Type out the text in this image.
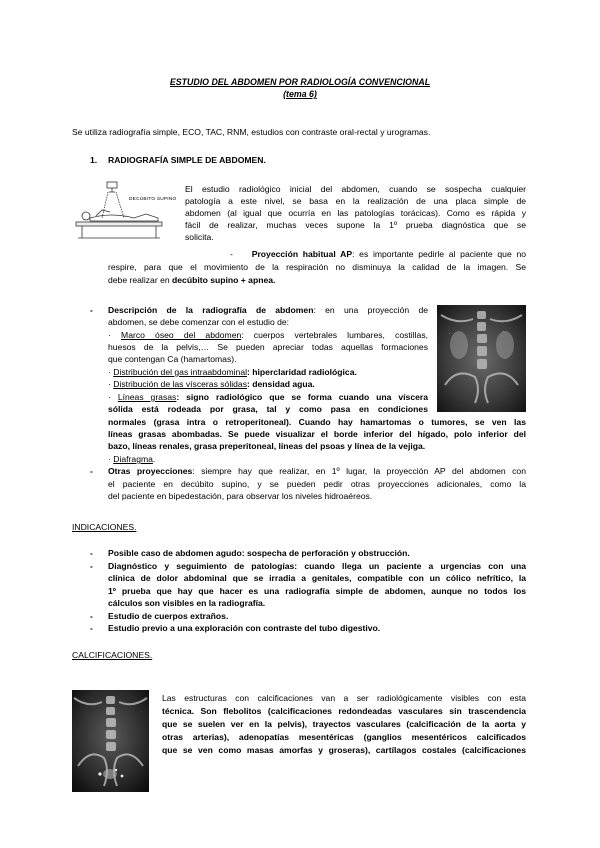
ESTUDIO DEL ABDOMEN POR RADIOLOGÍA CONVENCIONAL
(tema 6)
Se utiliza radiografía simple, ECO, TAC, RNM, estudios con contraste oral-rectal y urogramas.
1. RADIOGRAFÍA SIMPLE DE ABDOMEN.
DECÚBITO SUPINO
El estudio radiológico inicial del abdomen, cuando se sospecha cualquier
patología a este nivel, se basa en la realización de una placa simple de
abdomen (al igual que ocurría en las patologías torácicas). Como es rápida y
fácil de realizar, muchas veces supone la 1º prueba diagnóstica que se
solicita.
- Proyección habitual AP: es importante pedirle al paciente que no
respire, para que el movimiento de la respiración no disminuya la calidad de la imagen. Se
debe realizar en decúbito supino + apnea.
·	·
- Descripción de la radiografía de abdomen: en una proyección de
abdomen, se debe comenzar con el estudio de:
· Marco óseo del abdomen: cuerpos vertebrales lumbares, costillas,
huesos de la pelvis,… Se pueden apreciar todas aquellas formaciones
que contengan Ca (hamartomas).
· Distribución del gas intraabdominal: hiperclaridad radiológica.
· Distribución de las vísceras sólidas: densidad agua.
· Líneas grasas: signo radiológico que se forma cuando una víscera
sólida está rodeada por grasa, tal y como pasa en condiciones
normales (grasa intra o retroperitoneal). Cuando hay hamartomas o tumores, se ven las
líneas grasas abombadas. Se puede visualizar el borde inferior del hígado, polo inferior del
bazo, líneas renales, grasa preperitoneal, líneas del psoas y línea de la vejiga.
· Diafragma.
- Otras proyecciones: siempre hay que realizar, en 1º lugar, la proyección AP del abdomen con
el paciente en decúbito supino, y se pueden pedir otras proyecciones adicionales, como la
del paciente en bipedestación, para observar los niveles hidroaéreos.
INDICACIONES.
- Posible caso de abdomen agudo: sospecha de perforación y obstrucción.
- Diagnóstico y seguimiento de patologías: cuando llega un paciente a urgencias con una
clínica de dolor abdominal que se irradia a genitales, compatible con un cólico nefrítico, la
1º prueba que hay que hacer es una radiografía simple de abdomen, aunque no todos los
cálculos son visibles en la radiografía.
- Estudio de cuerpos extraños.
- Estudio previo a una exploración con contraste del tubo digestivo.
CALCIFICACIONES.
Las estructuras con calcificaciones van a ser radiológicamente visibles con esta
técnica. Son flebolitos (calcificaciones redondeadas vasculares sin trascendencia
que se suelen ver en la pelvis), trayectos vasculares (calcificación de la aorta y
otras arterias), adenopatías mesentéricas (ganglios mesentéricos calcificados
que se ven como masas amorfas y groseras), cartílagos costales (calcificaciones
